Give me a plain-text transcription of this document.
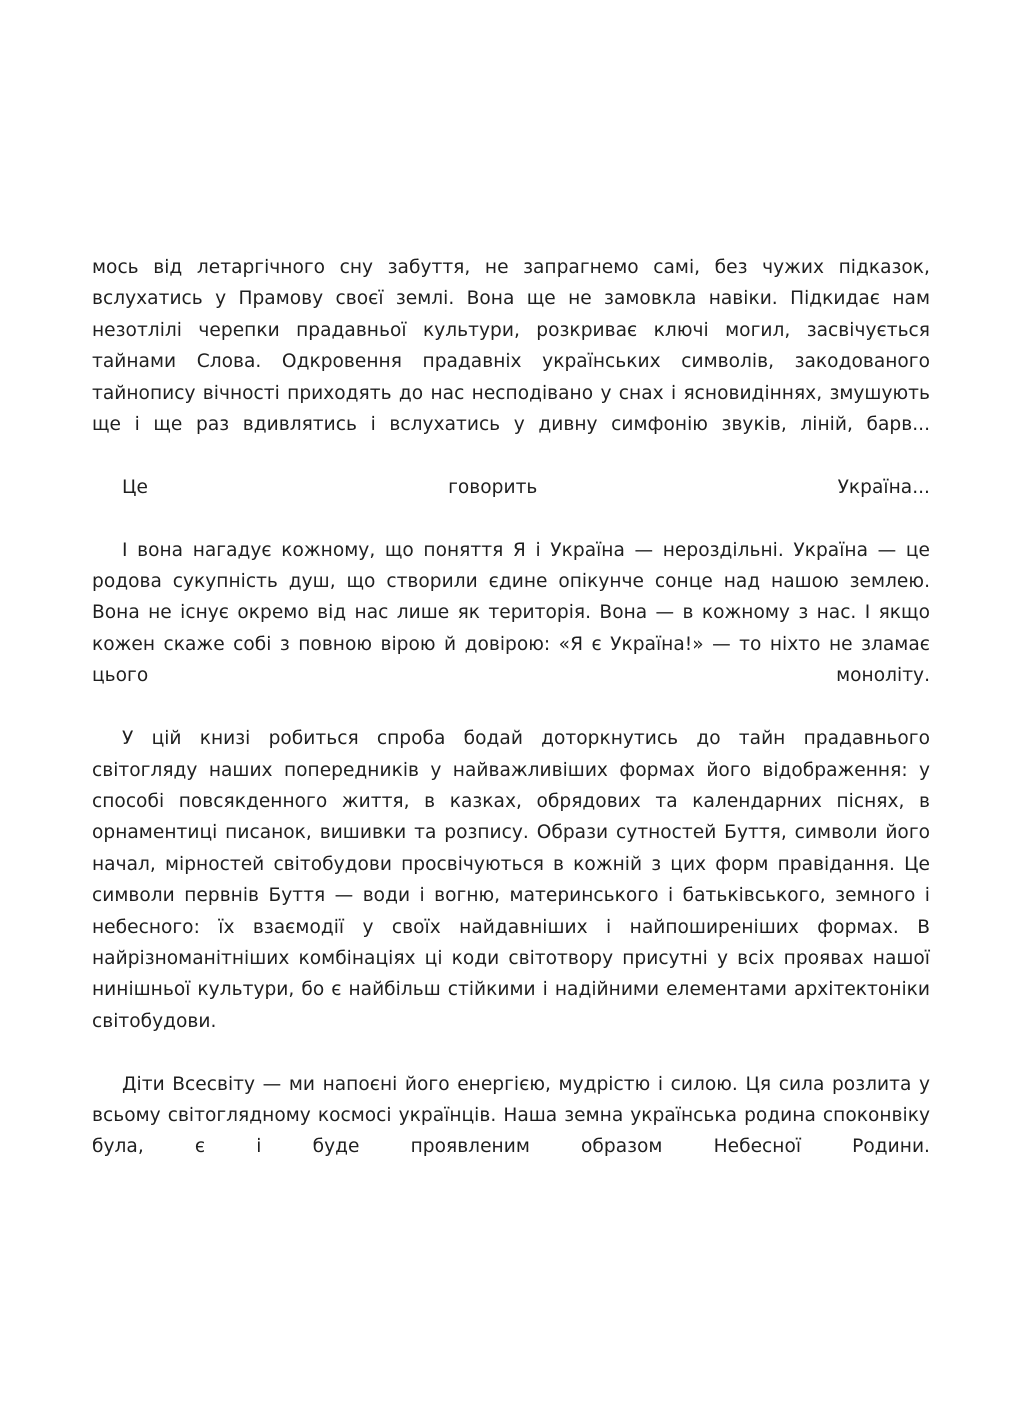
мось від летаргічного сну забуття, не запрагнемо самі, без чужих підказок, вслухатись у Прамову своєї землі. Вона ще не замовкла навіки. Підкидає нам незотлілі черепки прадавньої культури, розкриває ключі могил, засвічується тайнами Слова. Одкровення прадавніх українських символів, закодованого тайнопису вічності приходять до нас несподівано у снах і ясновидіннях, змушують ще і ще раз вдивлятись і вслухатись у дивну симфонію звуків, ліній, барв...

Це говорить Україна...

І вона нагадує кожному, що поняття Я і Україна — нероздільні. Україна — це родова сукупність душ, що створили єдине опікунче сонце над нашою землею. Вона не існує окремо від нас лише як територія. Вона — в кожному з нас. І якщо кожен скаже собі з повною вірою й довірою: «Я є Україна!» — то ніхто не зламає цього моноліту.

У цій книзі робиться спроба бодай доторкнутись до тайн прадавнього світогляду наших попередників у найважливіших формах його відображення: у способі повсякденного життя, в казках, обрядових та календарних піснях, в орнаментиці писанок, вишивки та розпису. Образи сутностей Буття, символи його начал, мірностей світобудови просвічуються в кожній з цих форм правідання. Це символи первнів Буття — води і вогню, материнського і батьківського, земного і небесного: їх взаємодії у своїх найдавніших і найпоширеніших формах. В найрізноманітніших комбінаціях ці коди світотвору присутні у всіх проявах нашої нинішньої культури, бо є найбільш стійкими і надійними елементами архітектоніки світобудови.

Діти Всесвіту — ми напоєні його енергією, мудрістю і силою. Ця сила розлита у всьому світоглядному космосі українців. Наша земна українська родина споконвіку була, є і буде проявленим образом Небесної Родини.
